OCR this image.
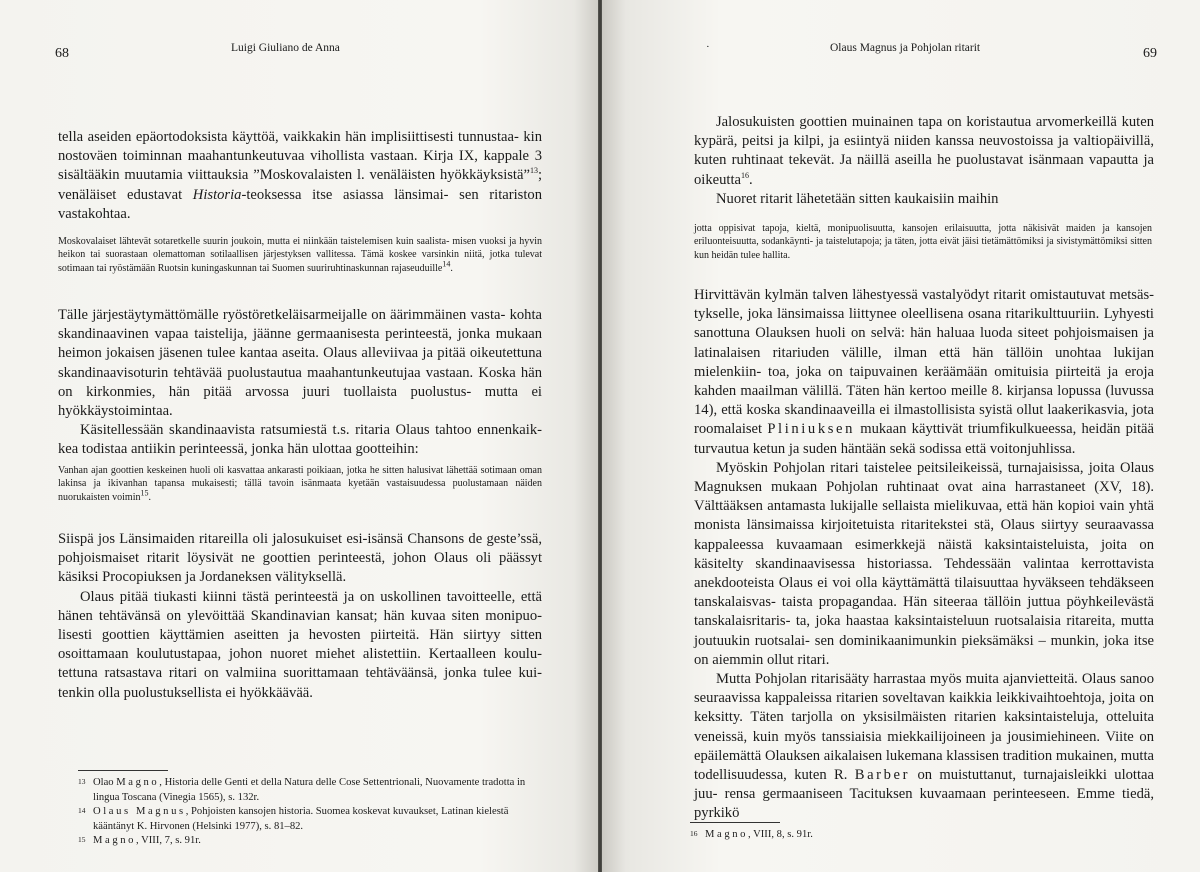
68	Luigi Giuliano de Anna

tella aseiden epäortodoksista käyttöä, vaikkakin hän implisiittisesti tunnustaa- kin nostoväen toiminnan maahantunkeutuvaa vihollista vastaan. Kirja IX, kappale 3 sisältääkin muutamia viittauksia ”Moskovalaisten l. venäläisten hyökkäyksistä”$^{13}$; venäläiset edustavat Historia-teoksessa itse asiassa länsimai- sen ritariston vastakohtaa.

Moskovalaiset lähtevät sotaretkelle suurin joukoin, mutta ei niinkään taistelemisen kuin saalista- misen vuoksi ja hyvin heikon tai suorastaan olemattoman sotilaallisen järjestyksen vallitessa. Tämä koskee varsinkin niitä, jotka tulevat sotimaan tai ryöstämään Ruotsin kuningaskunnan tai Suomen suuriruhtinaskunnan rajaseuduille$^{14}$.

Tälle järjestäytymättömälle ryöstöretkeläisarmeijalle on äärimmäinen vasta- kohta skandinaavinen vapaa taistelija, jäänne germaanisesta perinteestä, jonka mukaan heimon jokaisen jäsenen tulee kantaa aseita. Olaus alleviivaa ja pitää oikeutettuna skandinaavisoturin tehtävää puolustautua maahantunkeutujaa vastaan. Koska hän on kirkonmies, hän pitää arvossa juuri tuollaista puolustus- mutta ei hyökkäystoimintaa.

Käsitellessään skandinaavista ratsumiestä t.s. ritaria Olaus tahtoo ennenkaik- kea todistaa antiikin perinteessä, jonka hän ulottaa gootteihin:

Vanhan ajan goottien keskeinen huoli oli kasvattaa ankarasti poikiaan, jotka he sitten halusivat lähettää sotimaan oman lakinsa ja ikivanhan tapansa mukaisesti; tällä tavoin isänmaata kyetään vastaisuudessa puolustamaan näiden nuorukaisten voimin$^{15}$.

Siispä jos Länsimaiden ritareilla oli jalosukuiset esi-isänsä Chansons de geste’ssä, pohjoismaiset ritarit löysivät ne goottien perinteestä, johon Olaus oli päässyt käsiksi Procopiuksen ja Jordaneksen välityksellä.

Olaus pitää tiukasti kiinni tästä perinteestä ja on uskollinen tavoitteelle, että hänen tehtävänsä on ylevöittää Skandinavian kansat; hän kuvaa siten monipuo- lisesti goottien käyttämien aseitten ja hevosten piirteitä. Hän siirtyy sitten osoittamaan koulutustapaa, johon nuoret miehet alistettiin. Kertaalleen koulu- tettuna ratsastava ritari on valmiina suorittamaan tehtäväänsä, jonka tulee kui- tenkin olla puolustuksellista ei hyökkäävää.

13 Olao Magno, Historia delle Genti et della Natura delle Cose Settentrionali, Nuovamente tradotta in lingua Toscana (Vinegia 1565), s. 132r.
14 Olaus Magnus, Pohjoisten kansojen historia. Suomea koskevat kuvaukset, Latinan kielestä kääntänyt K. Hirvonen (Helsinki 1977), s. 81–82.
15 Magno, VIII, 7, s. 91r.
·	Olaus Magnus ja Pohjolan ritarit	69

Jalosukuisten goottien muinainen tapa on koristautua arvomerkeillä kuten kypärä, peitsi ja kilpi, ja esiintyä niiden kanssa neuvostoissa ja valtiopäivillä, kuten ruhtinaat tekevät. Ja näillä aseilla he puolustavat isänmaan vapautta ja oikeutta$^{16}$.

Nuoret ritarit lähetetään sitten kaukaisiin maihin

jotta oppisivat tapoja, kieltä, monipuolisuutta, kansojen erilaisuutta, jotta näkisivät maiden ja kansojen eriluonteisuutta, sodankäynti- ja taistelutapoja; ja täten, jotta eivät jäisi tietämättömiksi ja sivistymättömiksi sitten kun heidän tulee hallita.

Hirvittävän kylmän talven lähestyessä vastalyödyt ritarit omistautuvat metsäs- tykselle, joka länsimaissa liittynee oleellisena osana ritarikulttuuriin. Lyhyesti sanottuna Olauksen huoli on selvä: hän haluaa luoda siteet pohjoismaisen ja latinalaisen ritariuden välille, ilman että hän tällöin unohtaa lukijan mielenkiin- toa, joka on taipuvainen keräämään omituisia piirteitä ja eroja kahden maailman välillä. Täten hän kertoo meille 8. kirjansa lopussa (luvussa 14), että koska skandinaaveilla ei ilmastollisista syistä ollut laakerikasvia, jota roomalaiset Pliniuksen mukaan käyttivät triumfikulkueessa, heidän pitää turvautua ketun ja suden häntään sekä sodissa että voitonjuhlissa.

Myöskin Pohjolan ritari taistelee peitsileikeissä, turnajaisissa, joita Olaus Magnuksen mukaan Pohjolan ruhtinaat ovat aina harrastaneet (XV, 18). Välttääksen antamasta lukijalle sellaista mielikuvaa, että hän kopioi vain yhtä monista länsimaissa kirjoitetuista ritaritekstei stä, Olaus siirtyy seuraavassa kappaleessa kuvaamaan esimerkkejä näistä kaksintaisteluista, joita on käsitelty skandinaavisessa historiassa. Tehdessään valintaa kerrottavista anekdooteista Olaus ei voi olla käyttämättä tilaisuuttaa hyväkseen tehdäkseen tanskalaisvas- taista propagandaa. Hän siteeraa tällöin juttua pöyhkeilevästä tanskalaisritaris- ta, joka haastaa kaksintaisteluun ruotsalaisia ritareita, mutta joutuukin ruotsalai- sen dominikaanimunkin pieksämäksi – munkin, joka itse on aiemmin ollut ritari.

Mutta Pohjolan ritarisääty harrastaa myös muita ajanvietteitä. Olaus sanoo seuraavissa kappaleissa ritarien soveltavan kaikkia leikkivaihtoehtoja, joita on keksitty. Täten tarjolla on yksisilmäisten ritarien kaksintaisteluja, otteluita veneissä, kuin myös tanssiaisia miekkailijoineen ja jousimiehineen. Viite on epäilemättä Olauksen aikalaisen lukemana klassisen tradition mukainen, mutta todellisuudessa, kuten R. Barber on muistuttanut, turnajaisleikki ulottaa juu- rensa germaaniseen Tacituksen kuvaamaan perinteeseen. Emme tiedä, pyrkikö

16 Magno, VIII, 8, s. 91r.
